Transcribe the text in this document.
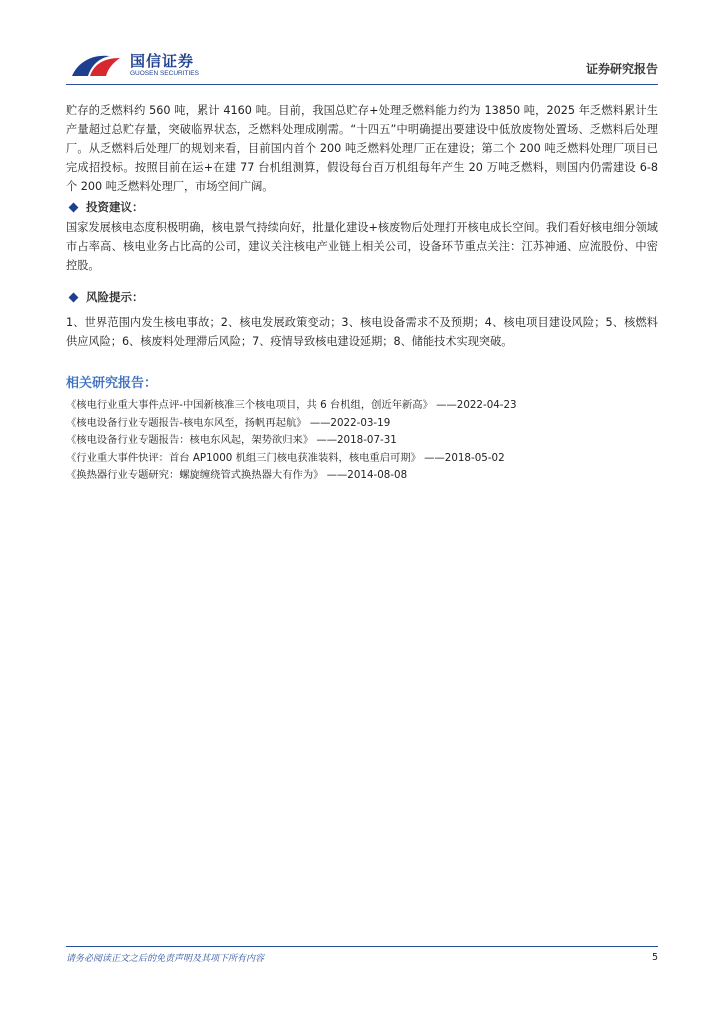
国信证券
GUOSEN SECURITIES	证券研究报告

贮存的乏燃料约 560 吨，累计 4160 吨。目前，我国总贮存+处理乏燃料能力约为 13850 吨，2025 年乏燃料累计生产量超过总贮存量，突破临界状态，乏燃料处理成刚需。“十四五”中明确提出要建设中低放废物处置场、乏燃料后处理厂。从乏燃料后处理厂的规划来看，目前国内首个 200 吨乏燃料处理厂正在建设；第二个 200 吨乏燃料处理厂项目已完成招投标。按照目前在运+在建 77 台机组测算，假设每台百万机组每年产生 20 万吨乏燃料，则国内仍需建设 6-8 个 200 吨乏燃料处理厂，市场空间广阔。

投资建议：

国家发展核电态度积极明确，核电景气持续向好，批量化建设+核废物后处理打开核电成长空间。我们看好核电细分领域市占率高、核电业务占比高的公司，建议关注核电产业链上相关公司，设备环节重点关注：江苏神通、应流股份、中密控股。

风险提示：

1、世界范围内发生核电事故；2、核电发展政策变动；3、核电设备需求不及预期；4、核电项目建设风险；5、核燃料供应风险；6、核废料处理滞后风险；7、疫情导致核电建设延期；8、储能技术实现突破。

相关研究报告：
《核电行业重大事件点评-中国新核准三个核电项目，共 6 台机组，创近年新高》 ——2022-04-23
《核电设备行业专题报告-核电东风至，扬帆再起航》 ——2022-03-19
《核电设备行业专题报告：核电东风起，架势欲归来》 ——2018-07-31
《行业重大事件快评：首台 AP1000 机组三门核电获准装料，核电重启可期》 ——2018-05-02
《换热器行业专题研究：螺旋缠绕管式换热器大有作为》 ——2014-08-08
请务必阅读正文之后的免责声明及其项下所有内容	5
